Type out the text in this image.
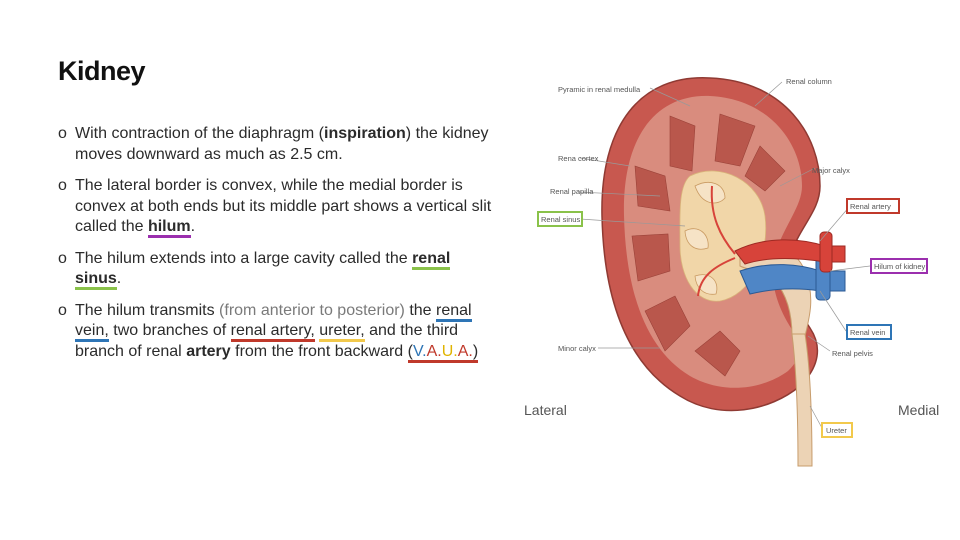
Kidney
o With contraction of the diaphragm (inspiration) the kidney moves downward as much as 2.5 cm.
o The lateral border is convex, while the medial border is convex at both ends but its middle part shows a vertical slit called the hilum.
o The hilum extends into a large cavity called the renal sinus.
o The hilum transmits (from anterior to posterior) the renal vein, two branches of renal artery, ureter, and the third branch of renal artery from the front backward (V.A.U.A.)
Lateral	Medial
Pyramic in renal medulla
Renal column
Rena cortex
Major calyx
Renal papilla
Renal sinus
Renal artery
Hilum of kidney
Renal vein
Minor calyx
Renal pelvis
Ureter
